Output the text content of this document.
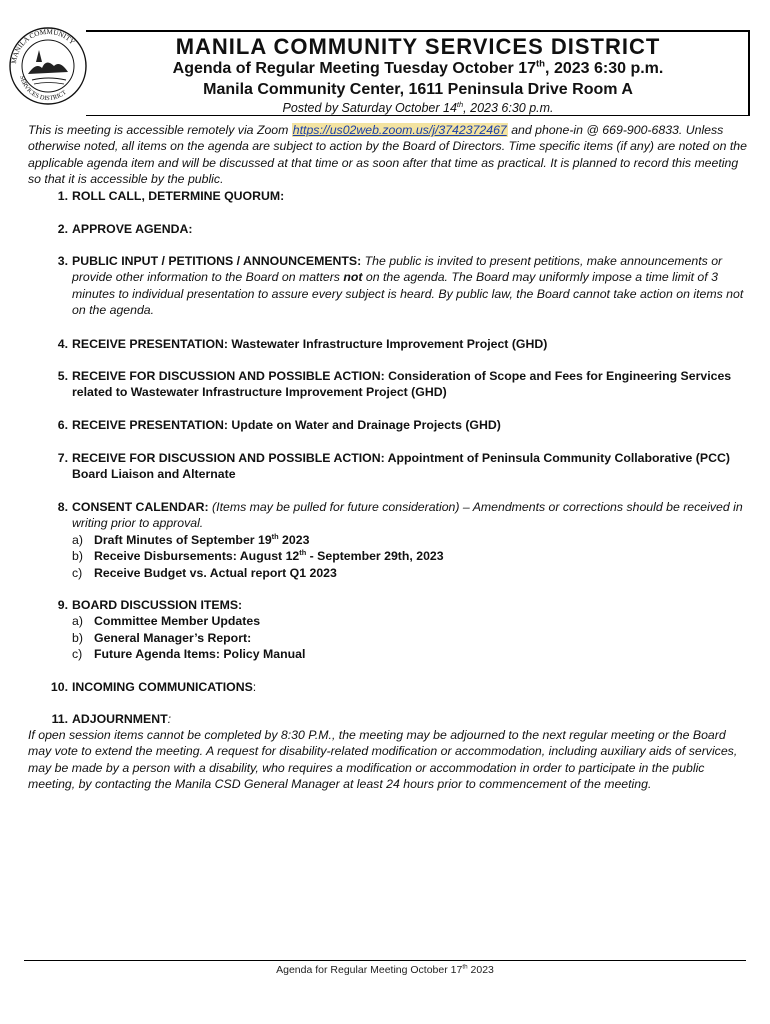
MANILA COMMUNITY
SERVICES DISTRICT
MANILA COMMUNITY SERVICES DISTRICT
Agenda of Regular Meeting Tuesday October 17th, 2023 6:30 p.m.
Manila Community Center, 1611 Peninsula Drive Room A
Posted by Saturday October 14th, 2023 6:30 p.m.
This is meeting is accessible remotely via Zoom https://us02web.zoom.us/j/3742372467 and phone-in @ 669-900-6833. Unless otherwise noted, all items on the agenda are subject to action by the Board of Directors. Time specific items (if any) are noted on the applicable agenda item and will be discussed at that time or as soon after that time as practical. It is planned to record this meeting so that it is accessible by the public.
1. ROLL CALL, DETERMINE QUORUM:
2. APPROVE AGENDA:
3. PUBLIC INPUT / PETITIONS / ANNOUNCEMENTS: The public is invited to present petitions, make announcements or provide other information to the Board on matters not on the agenda. The Board may uniformly impose a time limit of 3 minutes to individual presentation to assure every subject is heard. By public law, the Board cannot take action on items not on the agenda.
4. RECEIVE PRESENTATION: Wastewater Infrastructure Improvement Project (GHD)
5. RECEIVE FOR DISCUSSION AND POSSIBLE ACTION: Consideration of Scope and Fees for Engineering Services related to Wastewater Infrastructure Improvement Project (GHD)
6. RECEIVE PRESENTATION: Update on Water and Drainage Projects (GHD)
7. RECEIVE FOR DISCUSSION AND POSSIBLE ACTION: Appointment of Peninsula Community Collaborative (PCC) Board Liaison and Alternate
8. CONSENT CALENDAR: (Items may be pulled for future consideration) – Amendments or corrections should be received in writing prior to approval.
a) Draft Minutes of September 19th 2023
b) Receive Disbursements: August 12th - September 29th, 2023
c) Receive Budget vs. Actual report Q1 2023
9. BOARD DISCUSSION ITEMS:
a) Committee Member Updates
b) General Manager’s Report:
c) Future Agenda Items: Policy Manual
10. INCOMING COMMUNICATIONS:
11. ADJOURNMENT:
If open session items cannot be completed by 8:30 P.M., the meeting may be adjourned to the next regular meeting or the Board may vote to extend the meeting. A request for disability-related modification or accommodation, including auxiliary aids of services, may be made by a person with a disability, who requires a modification or accommodation in order to participate in the public meeting, by contacting the Manila CSD General Manager at least 24 hours prior to commencement of the meeting.
Agenda for Regular Meeting October 17th 2023
